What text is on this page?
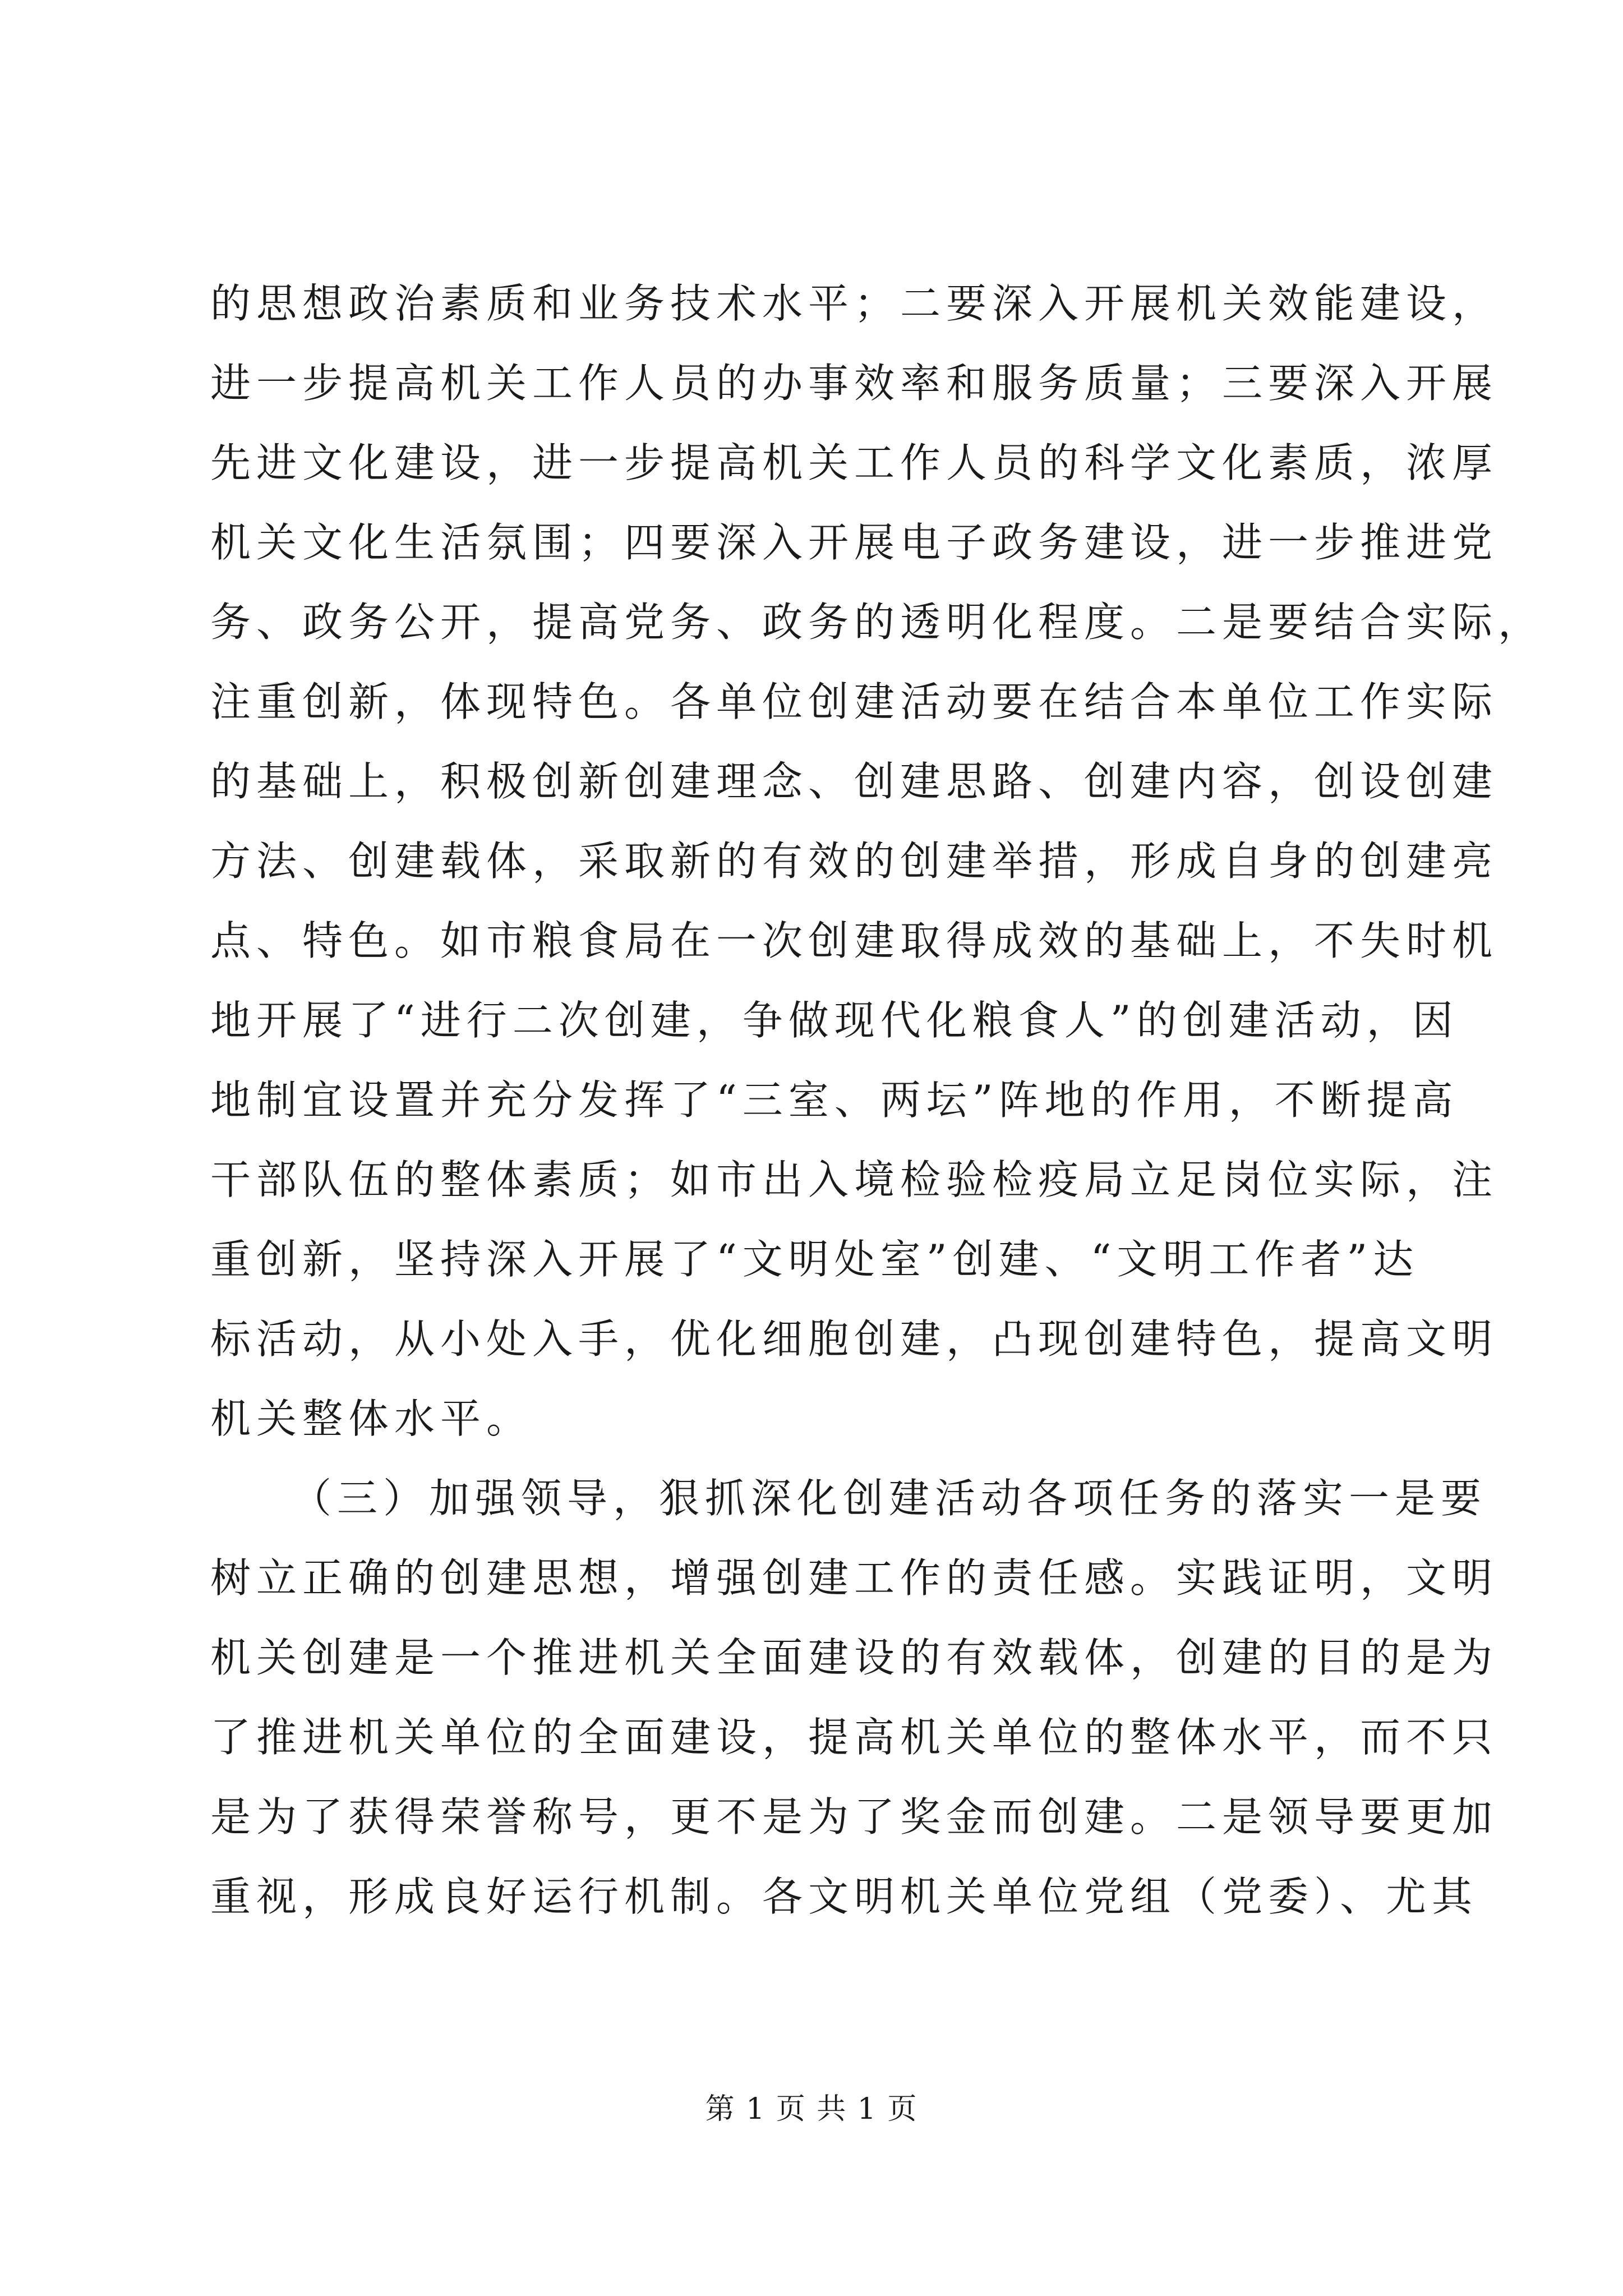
的思想政治素质和业务技术水平；二要深入开展机关效能建设，
进一步提高机关工作人员的办事效率和服务质量；三要深入开展
先进文化建设，进一步提高机关工作人员的科学文化素质，浓厚
机关文化生活氛围；四要深入开展电子政务建设，进一步推进党
务、政务公开，提高党务、政务的透明化程度。二是要结合实际，
注重创新，体现特色。各单位创建活动要在结合本单位工作实际
的基础上，积极创新创建理念、创建思路、创建内容，创设创建
方法、创建载体，采取新的有效的创建举措，形成自身的创建亮
点、特色。如市粮食局在一次创建取得成效的基础上，不失时机
地开展了“进行二次创建，争做现代化粮食人”的创建活动，因
地制宜设置并充分发挥了“三室、两坛”阵地的作用，不断提高
干部队伍的整体素质；如市出入境检验检疫局立足岗位实际，注
重创新，坚持深入开展了“文明处室”创建、“文明工作者”达
标活动，从小处入手，优化细胞创建，凸现创建特色，提高文明
机关整体水平。
（三）加强领导，狠抓深化创建活动各项任务的落实一是要
树立正确的创建思想，增强创建工作的责任感。实践证明，文明
机关创建是一个推进机关全面建设的有效载体，创建的目的是为
了推进机关单位的全面建设，提高机关单位的整体水平，而不只
是为了获得荣誉称号，更不是为了奖金而创建。二是领导要更加
重视，形成良好运行机制。各文明机关单位党组（党委）、尤其
第 1 页 共 1 页
